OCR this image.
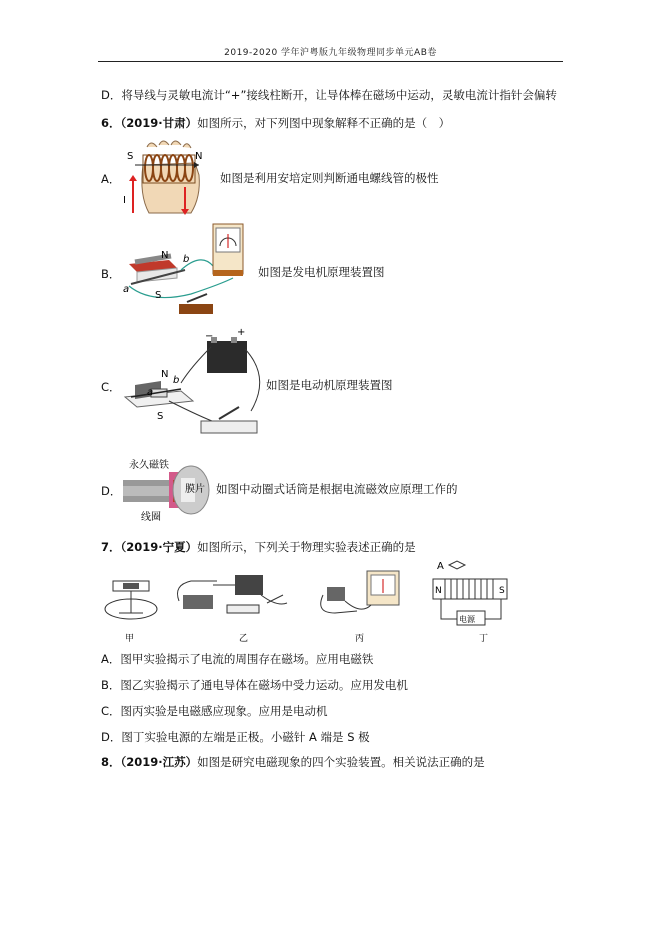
2019-2020 学年沪粤版九年级物理同步单元AB卷
D．将导线与灵敏电流计“+”接线柱断开，让导体棒在磁场中运动，灵敏电流计指针会偏转
6．（2019·甘肃）如图所示，对下列图中现象解释不正确的是（　）
A．
S	N
I
如图是利用安培定则判断通电螺线管的极性
B．
N
S
a
b
如图是发电机原理装置图
C．
− +
N
S
a
b	如图是电动机原理装置图
D．
永久磁铁
膜片
线圈
如图中动圈式话筒是根据电流磁效应原理工作的
7．（2019·宁夏）如图所示，下列关于物理实验表述正确的是
甲	乙	丙
A
N	S
电源
丁
A．图甲实验揭示了电流的周围存在磁场。应用电磁铁
B．图乙实验揭示了通电导体在磁场中受力运动。应用发电机
C．图丙实验是电磁感应现象。应用是电动机
D．图丁实验电源的左端是正极。小磁针 A 端是 S 极
8．（2019·江苏）如图是研究电磁现象的四个实验装置。相关说法正确的是
